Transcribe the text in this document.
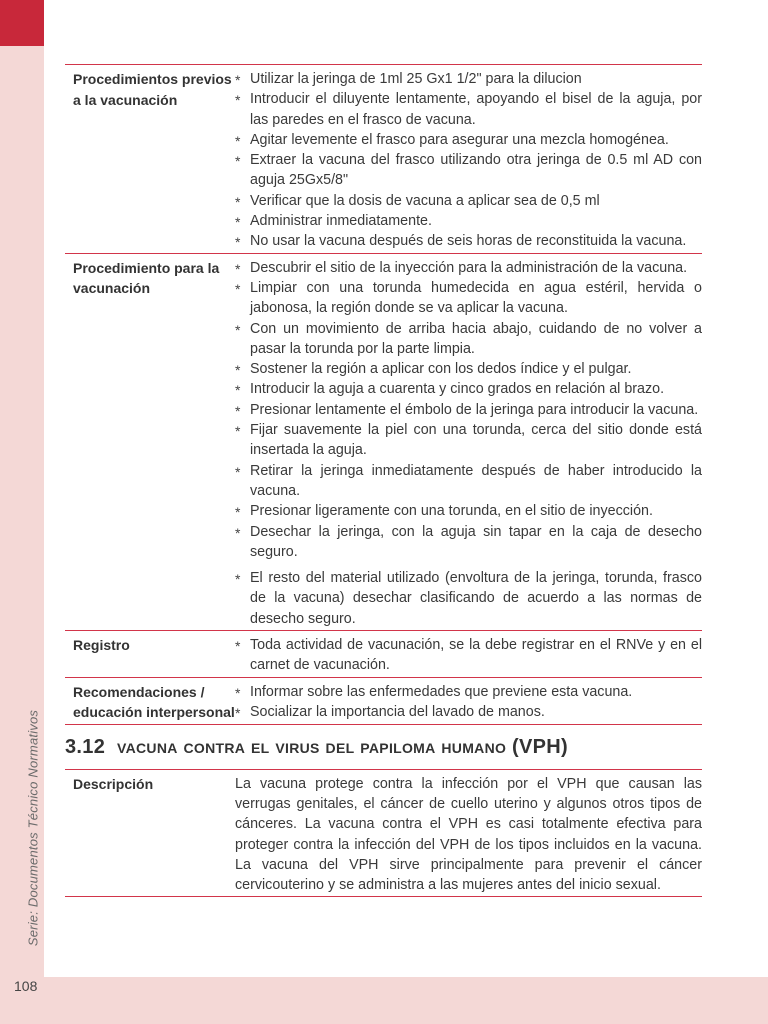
Serie: Documentos Técnico Normativos
108
Procedimientos previos a la vacunación
* Utilizar la jeringa de 1ml 25 Gx1 1/2" para la dilucion
* Introducir el diluyente lentamente, apoyando el bisel de la aguja, por las paredes en el frasco de vacuna.
* Agitar levemente el frasco para asegurar una mezcla homogénea.
* Extraer la vacuna del frasco utilizando otra jeringa de 0.5 ml AD con aguja 25Gx5/8"
* Verificar que la dosis de vacuna a aplicar sea de 0,5 ml
* Administrar inmediatamente.
* No usar la vacuna después de seis horas de reconstituida la vacuna.
Procedimiento para la vacunación
* Descubrir el sitio de la inyección para la administración de la vacuna.
* Limpiar con una torunda humedecida en agua estéril, hervida o jabonosa, la región donde se va aplicar la vacuna.
* Con un movimiento de arriba hacia abajo, cuidando de no volver a pasar la torunda por la parte limpia.
* Sostener la región a aplicar con los dedos índice y el pulgar.
* Introducir la aguja a cuarenta y cinco grados en relación al brazo.
* Presionar lentamente el émbolo de la jeringa para introducir la vacuna.
* Fijar suavemente la piel con una torunda, cerca del sitio donde está insertada la aguja.
* Retirar la jeringa inmediatamente después de haber introducido la vacuna.
* Presionar ligeramente con una torunda, en el sitio de inyección.
* Desechar la jeringa, con la aguja sin tapar en la caja de desecho seguro.
* El resto del material utilizado (envoltura de la jeringa, torunda, frasco de la vacuna) desechar clasificando de acuerdo a las normas de desecho seguro.
Registro
*	Toda actividad de vacunación, se la debe registrar en el RNVe y en el carnet de vacunación.
Recomendaciones / educación interpersonal
* Informar sobre las enfermedades que previene esta vacuna.
* Socializar la importancia del lavado de manos.
3.12 vacuna contra el virus del papiloma humano (VPH)
Descripción	La vacuna protege contra la infección por el VPH que causan las verrugas genitales, el cáncer de cuello uterino y algunos otros tipos de cánceres. La vacuna contra el VPH es casi totalmente efectiva para proteger contra la infección del VPH de los tipos incluidos en la vacuna. La vacuna del VPH sirve principalmente para prevenir el cáncer cervicouterino y se administra a las mujeres antes del inicio sexual.
